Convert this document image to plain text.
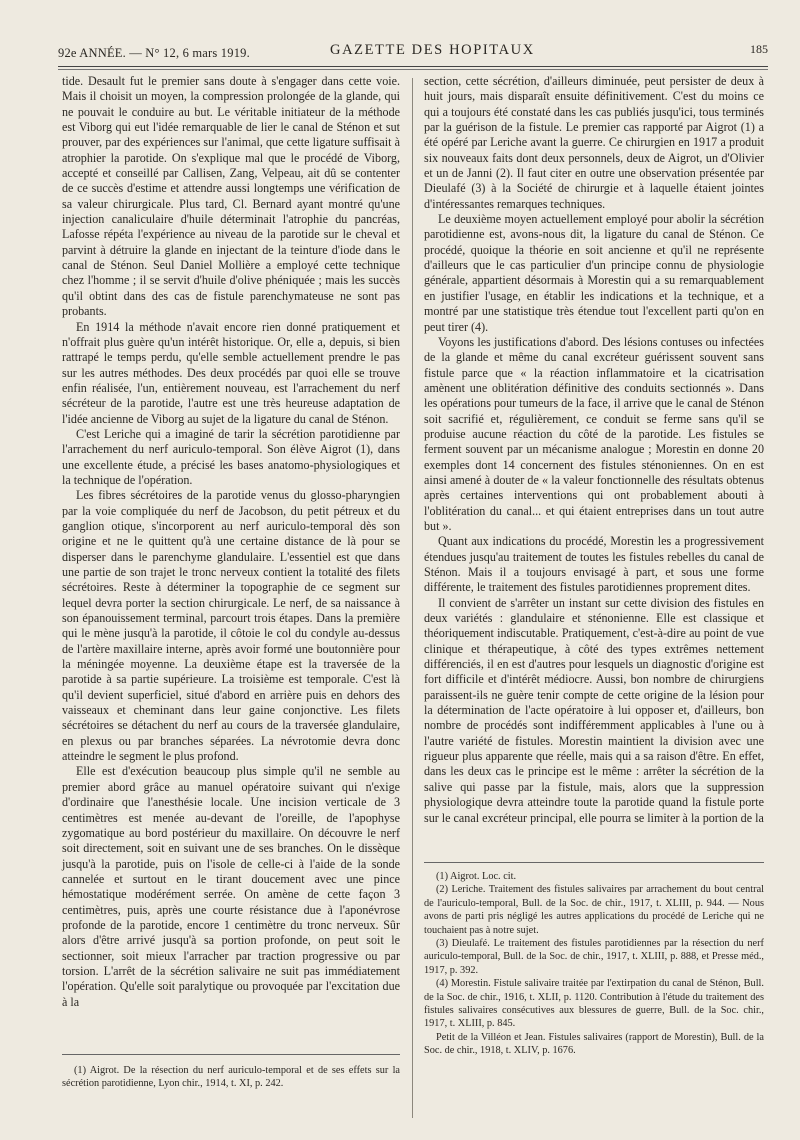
92e ANNÉE. — N° 12, 6 mars 1919.	GAZETTE DES HOPITAUX	185

tide. Desault fut le premier sans doute à s'engager dans cette voie. Mais il choisit un moyen, la compression prolongée de la glande, qui ne pouvait le conduire au but. Le véritable initiateur de la méthode est Viborg qui eut l'idée remarquable de lier le canal de Sténon et sut prouver, par des expériences sur l'animal, que cette ligature suffisait à atrophier la parotide. On s'explique mal que le procédé de Viborg, accepté et conseillé par Callisen, Zang, Velpeau, ait dû se contenter de ce succès d'estime et attendre aussi longtemps une vérification de sa valeur chirurgicale. Plus tard, Cl. Bernard ayant montré qu'une injection canaliculaire d'huile déterminait l'atrophie du pancréas, Lafosse répéta l'expérience au niveau de la parotide sur le cheval et parvint à détruire la glande en injectant de la teinture d'iode dans le canal de Sténon. Seul Daniel Mollière a employé cette technique chez l'homme ; il se servit d'huile d'olive phéniquée ; mais les succès qu'il obtint dans des cas de fistule parenchymateuse ne sont pas probants.

En 1914 la méthode n'avait encore rien donné pratiquement et n'offrait plus guère qu'un intérêt historique. Or, elle a, depuis, si bien rattrapé le temps perdu, qu'elle semble actuellement prendre le pas sur les autres méthodes. Des deux procédés par quoi elle se trouve enfin réalisée, l'un, entièrement nouveau, est l'arrachement du nerf sécréteur de la parotide, l'autre est une très heureuse adaptation de l'idée ancienne de Viborg au sujet de la ligature du canal de Sténon.

C'est Leriche qui a imaginé de tarir la sécrétion parotidienne par l'arrachement du nerf auriculo-temporal. Son élève Aigrot (1), dans une excellente étude, a précisé les bases anatomo-physiologiques et la technique de l'opération.

Les fibres sécrétoires de la parotide venus du glosso-pharyngien par la voie compliquée du nerf de Jacobson, du petit pétreux et du ganglion otique, s'incorporent au nerf auriculo-temporal dès son origine et ne le quittent qu'à une certaine distance de là pour se disperser dans le parenchyme glandulaire. L'essentiel est que dans une partie de son trajet le tronc nerveux contient la totalité des filets sécrétoires. Reste à déterminer la topographie de ce segment sur lequel devra porter la section chirurgicale. Le nerf, de sa naissance à son épanouissement terminal, parcourt trois étapes. Dans la première qui le mène jusqu'à la parotide, il côtoie le col du condyle au-dessus de l'artère maxillaire interne, après avoir formé une boutonnière pour la méningée moyenne. La deuxième étape est la traversée de la parotide à sa partie supérieure. La troisième est temporale. C'est là qu'il devient superficiel, situé d'abord en arrière puis en dehors des vaisseaux et cheminant dans leur gaine conjonctive. Les filets sécrétoires se détachent du nerf au cours de la traversée glandulaire, en plexus ou par branches séparées. La névrotomie devra donc atteindre le segment le plus profond.

Elle est d'exécution beaucoup plus simple qu'il ne semble au premier abord grâce au manuel opératoire suivant qui n'exige d'ordinaire que l'anesthésie locale. Une incision verticale de 3 centimètres est menée au-devant de l'oreille, de l'apophyse zygomatique au bord postérieur du maxillaire. On découvre le nerf soit directement, soit en suivant une de ses branches. On le dissèque jusqu'à la parotide, puis on l'isole de celle-ci à l'aide de la sonde cannelée et surtout en le tirant doucement avec une pince hémostatique modérément serrée. On amène de cette façon 3 centimètres, puis, après une courte résistance due à l'aponévrose profonde de la parotide, encore 1 centimètre du tronc nerveux. Sûr alors d'être arrivé jusqu'à sa portion profonde, on peut soit le sectionner, soit mieux l'arracher par traction progressive ou par torsion. L'arrêt de la sécrétion salivaire ne suit pas immédiatement l'opération. Qu'elle soit paralytique ou provoquée par l'excitation due à la

section, cette sécrétion, d'ailleurs diminuée, peut persister de deux à huit jours, mais disparaît ensuite définitivement. C'est du moins ce qui a toujours été constaté dans les cas publiés jusqu'ici, tous terminés par la guérison de la fistule. Le premier cas rapporté par Aigrot (1) a été opéré par Leriche avant la guerre. Ce chirurgien en 1917 a produit six nouveaux faits dont deux personnels, deux de Aigrot, un d'Olivier et un de Janni (2). Il faut citer en outre une observation présentée par Dieulafé (3) à la Société de chirurgie et à laquelle étaient jointes d'intéressantes remarques techniques.

Le deuxième moyen actuellement employé pour abolir la sécrétion parotidienne est, avons-nous dit, la ligature du canal de Sténon. Ce procédé, quoique la théorie en soit ancienne et qu'il ne représente d'ailleurs que le cas particulier d'un principe connu de physiologie générale, appartient désormais à Morestin qui a su remarquablement en justifier l'usage, en établir les indications et la technique, et a montré par une statistique très étendue tout l'excellent parti qu'on en peut tirer (4).

Voyons les justifications d'abord. Des lésions contuses ou infectées de la glande et même du canal excréteur guérissent souvent sans fistule parce que « la réaction inflammatoire et la cicatrisation amènent une oblitération définitive des conduits sectionnés ». Dans les opérations pour tumeurs de la face, il arrive que le canal de Sténon soit sacrifié et, régulièrement, ce conduit se ferme sans qu'il se produise aucune réaction du côté de la parotide. Les fistules se ferment souvent par un mécanisme analogue ; Morestin en donne 20 exemples dont 14 concernent des fistules sténoniennes. On en est ainsi amené à douter de « la valeur fonctionnelle des résultats obtenus après certaines interventions qui ont probablement abouti à l'oblitération du canal... et qui étaient entreprises dans un tout autre but ».

Quant aux indications du procédé, Morestin les a progressivement étendues jusqu'au traitement de toutes les fistules rebelles du canal de Sténon. Mais il a toujours envisagé à part, et sous une forme différente, le traitement des fistules parotidiennes proprement dites.

Il convient de s'arrêter un instant sur cette division des fistules en deux variétés : glandulaire et sténonienne. Elle est classique et théoriquement indiscutable. Pratiquement, c'est-à-dire au point de vue clinique et thérapeutique, à côté des types extrêmes nettement différenciés, il en est d'autres pour lesquels un diagnostic d'origine est fort difficile et d'intérêt médiocre. Aussi, bon nombre de chirurgiens paraissent-ils ne guère tenir compte de cette origine de la lésion pour la détermination de l'acte opératoire à lui opposer et, d'ailleurs, bon nombre de procédés sont indifféremment applicables à l'une ou à l'autre variété de fistules. Morestin maintient la division avec une rigueur plus apparente que réelle, mais qui a sa raison d'être. En effet, dans les deux cas le principe est le même : arrêter la sécrétion de la salive qui passe par la fistule, mais, alors que la suppression physiologique devra atteindre toute la parotide quand la fistule porte sur le canal excréteur principal, elle pourra se limiter à la portion de la

(1) Aigrot. De la résection du nerf auriculo-temporal et de ses effets sur la sécrétion parotidienne, Lyon chir., 1914, t. XI, p. 242.

(1) Aigrot. Loc. cit.

(2) Leriche. Traitement des fistules salivaires par arrachement du bout central de l'auriculo-temporal, Bull. de la Soc. de chir., 1917, t. XLIII, p. 944. — Nous avons de parti pris négligé les autres applications du procédé de Leriche qui ne touchaient pas à notre sujet.

(3) Dieulafé. Le traitement des fistules parotidiennes par la résection du nerf auriculo-temporal, Bull. de la Soc. de chir., 1917, t. XLIII, p. 888, et Presse méd., 1917, p. 392.

(4) Morestin. Fistule salivaire traitée par l'extirpation du canal de Sténon, Bull. de la Soc. de chir., 1916, t. XLII, p. 1120. Contribution à l'étude du traitement des fistules salivaires consécutives aux blessures de guerre, Bull. de la Soc. chir., 1917, t. XLIII, p. 845.

Petit de la Villéon et Jean. Fistules salivaires (rapport de Morestin), Bull. de la Soc. de chir., 1918, t. XLIV, p. 1676.
